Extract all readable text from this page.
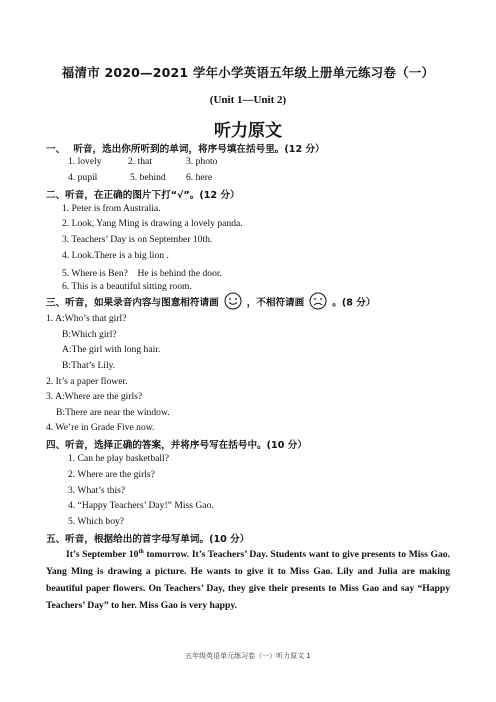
福清市 2020—2021 学年小学英语五年级上册单元练习卷（一）
(Unit 1—Unit 2)
听力原文
一、　 听音，选出你所听到的单词，将序号填在括号里。(12 分）
1. lovely	2. that	3. photo
4. pupil	5. behind 6. here
二、听音，在正确的图片下打“√”。(12 分）
1. Peter is from Australia.
2. Look, Yang Ming is drawing a lovely panda.
3. Teachers’ Day is on September 10th.
4. Look.There is a big lion .
5. Where is Ben?　He is behind the door.
6. This is a beautiful sitting room.
三、听音，如果录音内容与图意相符请画	，不相符请画	。(8 分）
1. A:Who’s that girl?
B:Which girl?
A:The girl with long hair.
B:That’s Lily.
2. It’s a paper flower.
3. A:Where are the girls?
B:There are near the window.
4. We’re in Grade Five now.
四、听音，选择正确的答案，并将序号写在括号中。(10 分）
1. Can he play basketball?
2. Where are the girls?
3. What’s this?
4. “Happy Teachers’ Day!” Miss Gao.
5. Which boy?
五、听音，根据给出的首字母写单词。(10 分）
It’s September 10th tomorrow. It’s Teachers’ Day. Students want to give presents to Miss Gao. Yang Ming is drawing a picture. He wants to give it to Miss Gao. Lily and Julia are making beautiful paper flowers. On Teachers’ Day, they give their presents to Miss Gao and say “Happy Teachers’ Day” to her. Miss Gao is very happy.
五年级英语单元练习卷（一）听力原文 1
